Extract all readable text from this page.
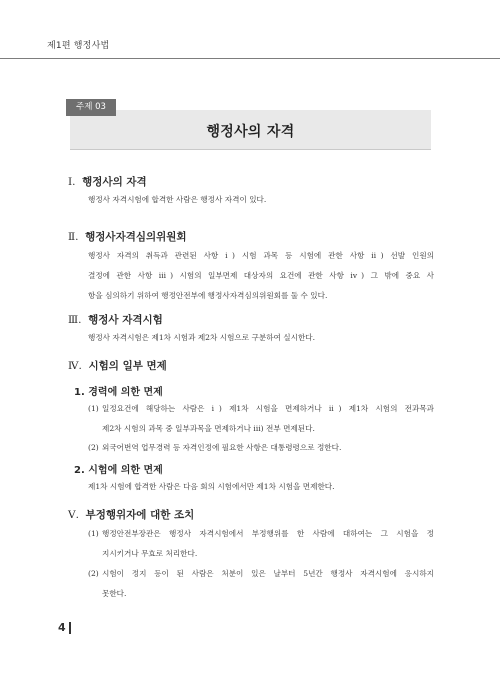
제1편 행정사법
주제 03
행정사의 자격
Ⅰ. 행정사의 자격
행정사 자격시험에 합격한 사람은 행정사 자격이 있다.
Ⅱ. 행정사자격심의위원회
행정사 자격의 취득과 관련된 사항 ⅰ) 시험 과목 등 시험에 관한 사항 ⅱ) 선발 인원의
결정에 관한 사항 ⅲ) 시험의 일부면제 대상자의 요건에 관한 사항 ⅳ) 그 밖에 중요 사
항을 심의하기 위하여 행정안전부에 행정사자격심의위원회를 둘 수 있다.
Ⅲ. 행정사 자격시험
행정사 자격시험은 제1차 시험과 제2차 시험으로 구분하여 실시한다.
Ⅳ. 시험의 일부 면제
1. 경력에 의한 면제
(1) 일정요건에 해당하는 사람은 ⅰ) 제1차 시험을 면제하거나 ⅱ) 제1차 시험의 전과목과
제2차 시험의 과목 중 일부과목을 면제하거나 ⅲ) 전부 면제된다.
(2) 외국어번역 업무경력 등 자격인정에 필요한 사항은 대통령령으로 정한다.
2. 시험에 의한 면제
제1차 시험에 합격한 사람은 다음 회의 시험에서만 제1차 시험을 면제한다.
Ⅴ. 부정행위자에 대한 조치
(1) 행정안전부장관은 행정사 자격시험에서 부정행위를 한 사람에 대하여는 그 시험을 정
지시키거나 무효로 처리한다.
(2) 시험이 정지 등이 된 사람은 처분이 있은 날부터 5년간 행정사 자격시험에 응시하지
못한다.
4
